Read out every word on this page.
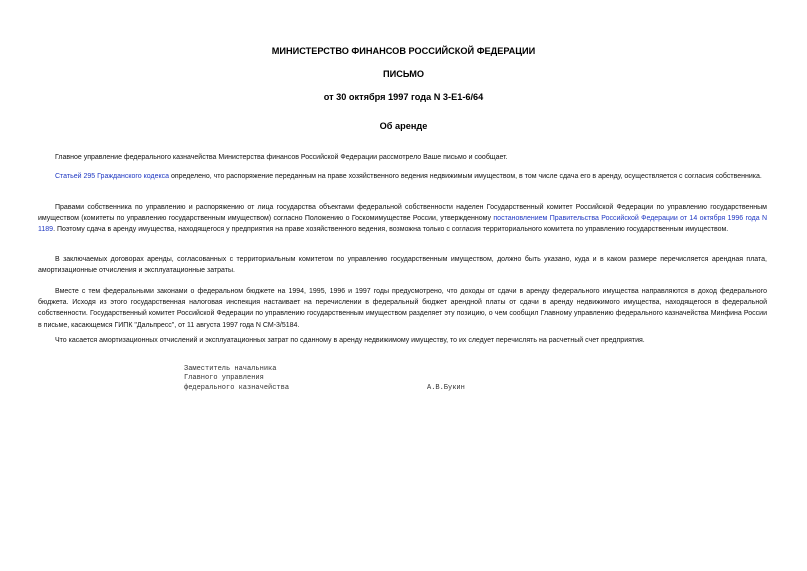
МИНИСТЕРСТВО ФИНАНСОВ РОССИЙСКОЙ ФЕДЕРАЦИИ
ПИСЬМО
от 30 октября 1997 года N 3-Е1-6/64
Об аренде
Главное управление федерального казначейства Министерства финансов Российской Федерации рассмотрело Ваше письмо и сообщает.
Статьей 295 Гражданского кодекса определено, что распоряжение переданным на праве хозяйственного ведения недвижимым имуществом, в том числе сдача его в аренду, осуществляется с согласия собственника.
Правами собственника по управлению и распоряжению от лица государства объектами федеральной собственности наделен Государственный комитет Российской Федерации по управлению государственным имуществом (комитеты по управлению государственным имуществом) согласно Положению о Госкомимуществе России, утвержденному постановлением Правительства Российской Федерации от 14 октября 1996 года N 1189. Поэтому сдача в аренду имущества, находящегося у предприятия на праве хозяйственного ведения, возможна только с согласия территориального комитета по управлению государственным имуществом.
В заключаемых договорах аренды, согласованных с территориальным комитетом по управлению государственным имуществом, должно быть указано, куда и в каком размере перечисляется арендная плата, амортизационные отчисления и эксплуатационные затраты.
Вместе с тем федеральными законами о федеральном бюджете на 1994, 1995, 1996 и 1997 годы предусмотрено, что доходы от сдачи в аренду федерального имущества направляются в доход федерального бюджета. Исходя из этого государственная налоговая инспекция настаивает на перечислении в федеральный бюджет арендной платы от сдачи в аренду недвижимого имущества, находящегося в федеральной собственности. Государственный комитет Российской Федерации по управлению государственным имуществом разделяет эту позицию, о чем сообщил Главному управлению федерального казначейства Минфина России в письме, касающемся ГИПК "Дальпресс", от 11 августа 1997 года N СМ-3/5184.
Что касается амортизационных отчислений и эксплуатационных затрат по сданному в аренду недвижимому имуществу, то их следует перечислять на расчетный счет предприятия.
Заместитель начальника
Главного управления
федерального казначейства	А.В.Букин
